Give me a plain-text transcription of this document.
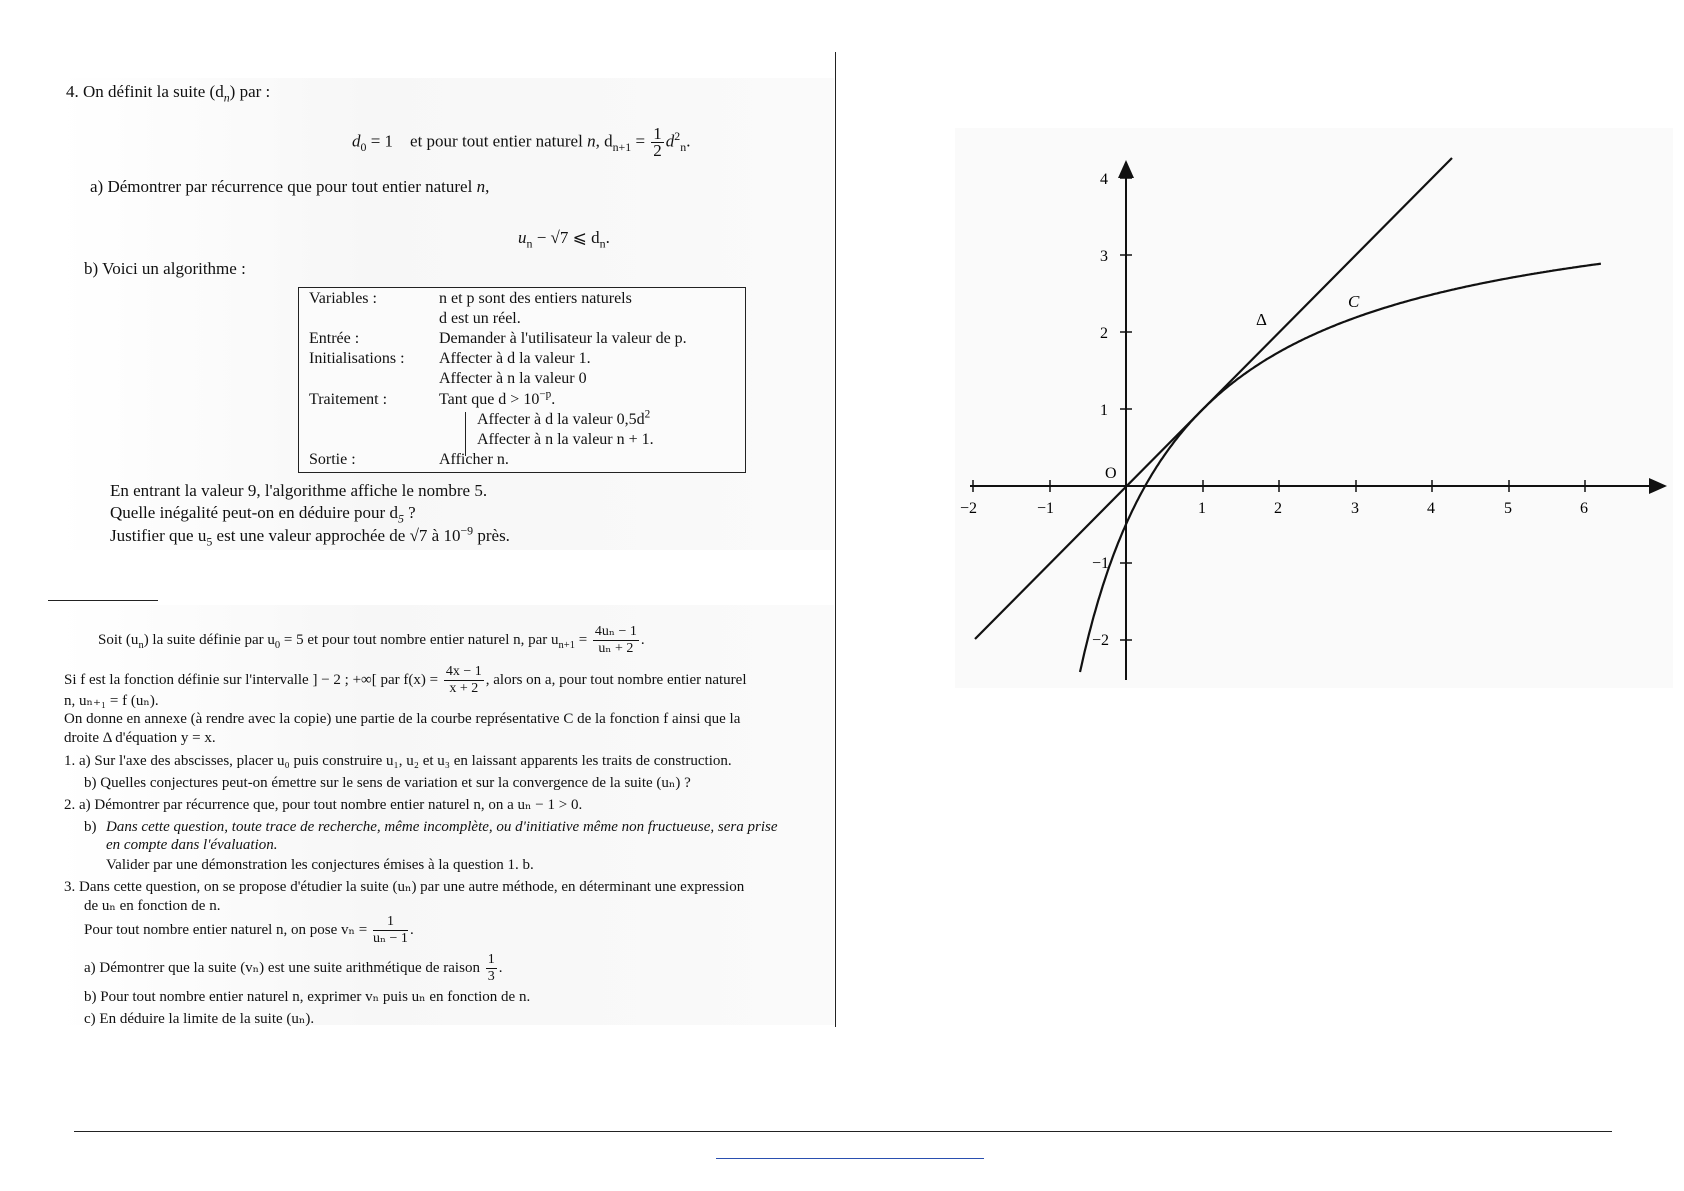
4. On définit la suite $(d_n)$ par :
$d_0 = 1$    et pour tout entier naturel n, $d_{n+1} = \frac{1}{2} d^2_n$.
a) Démontrer par récurrence que pour tout entier naturel n,
$u_n - √7$ ⩽ $d_n$.
b) Voici un algorithme :
Variables :	n et p sont des entiers naturels
d est un réel.
Entrée :	Demander à l'utilisateur la valeur de p.
Initialisations : Affecter à d la valeur 1.
Affecter à n la valeur 0
Traitement :	Tant que $d > 10^{-p}$.
Affecter à d la valeur $0,5d^2$
Affecter à n la valeur n + 1.
Sortie :	Afficher n.
En entrant la valeur 9, l'algorithme affiche le nombre 5.
Quelle inégalité peut-on en déduire pour $d_5$ ?
Justifier que $u_5$ est une valeur approchée de √7 à $10^{-9}$ près.
Soit $(u_n)$ la suite définie par $u_0 = 5$ et pour tout nombre entier naturel n, par $u_{n+1} = \frac{\text{4uₙ − 1}}{\text{uₙ + 2}}$ .
Si f est la fonction définie sur l'intervalle ] − 2 ; +∞[ par $f(x) = \frac{4x - 1}{x + 2}$ , alors on a, pour tout nombre entier naturel
n, uₙ₊₁ = f (uₙ).
On donne en annexe (à rendre avec la copie) une partie de la courbe représentative C de la fonction f ainsi que la
droite Δ d'équation y = x.
1. a) Sur l'axe des abscisses, placer u₀ puis construire u₁, u₂ et u₃ en laissant apparents les traits de construction.
b) Quelles conjectures peut-on émettre sur le sens de variation et sur la convergence de la suite (uₙ) ?
2. a) Démontrer par récurrence que, pour tout nombre entier naturel n, on a uₙ − 1 > 0.
b) Dans cette question, toute trace de recherche, même incomplète, ou d'initiative même non fructueuse, sera prise
en compte dans l'évaluation.
Valider par une démonstration les conjectures émises à la question 1. b.
3. Dans cette question, on se propose d'étudier la suite (uₙ) par une autre méthode, en déterminant une expression
de uₙ en fonction de n.
Pour tout nombre entier naturel n, on pose $v_n = \frac{1}{\text{uₙ − 1}}$ .
a) Démontrer que la suite (vₙ) est une suite arithmétique de raison $\frac{1}{3}$ .
b) Pour tout nombre entier naturel n, exprimer vₙ puis uₙ en fonction de n.
c) En déduire la limite de la suite (uₙ).
−2	−1	1	2	3	4	5	6
4
3
2
1
−1
−2
O
Δ
C
